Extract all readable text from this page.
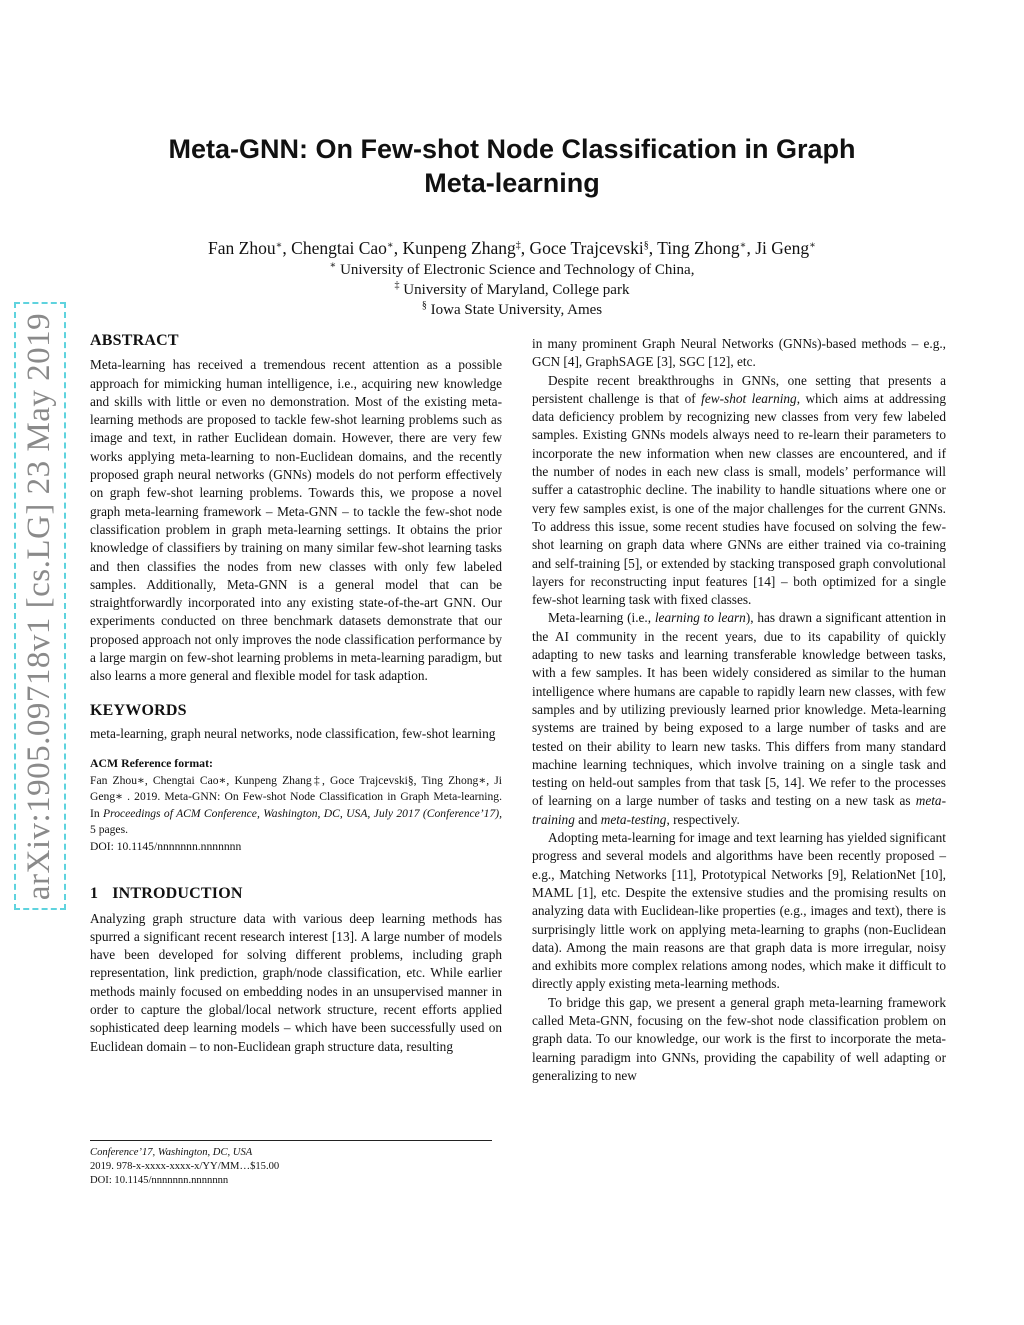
arXiv:1905.09718v1 [cs.LG] 23 May 2019
Meta-GNN: On Few-shot Node Classification in Graph
Meta-learning
Fan Zhou∗, Chengtai Cao∗, Kunpeng Zhang‡, Goce Trajcevski§, Ting Zhong∗, Ji Geng∗
∗ University of Electronic Science and Technology of China,
‡ University of Maryland, College park
§ Iowa State University, Ames
ABSTRACT

Meta-learning has received a tremendous recent attention as a possible approach for mimicking human intelligence, i.e., acquiring new knowledge and skills with little or even no demonstration. Most of the existing meta-learning methods are proposed to tackle few-shot learning problems such as image and text, in rather Euclidean domain. However, there are very few works applying meta-learning to non-Euclidean domains, and the recently proposed graph neural networks (GNNs) models do not perform effectively on graph few-shot learning problems. Towards this, we propose a novel graph meta-learning framework – Meta-GNN – to tackle the few-shot node classification problem in graph meta-learning settings. It obtains the prior knowledge of classifiers by training on many similar few-shot learning tasks and then classifies the nodes from new classes with only few labeled samples. Additionally, Meta-GNN is a general model that can be straightforwardly incorporated into any existing state-of-the-art GNN. Our experiments conducted on three benchmark datasets demonstrate that our proposed approach not only improves the node classification performance by a large margin on few-shot learning problems in meta-learning paradigm, but also learns a more general and flexible model for task adaption.

KEYWORDS

meta-learning, graph neural networks, node classification, few-shot learning

ACM Reference format:

Fan Zhou∗, Chengtai Cao∗, Kunpeng Zhang‡, Goce Trajcevski§, Ting Zhong∗, Ji Geng∗ . 2019. Meta-GNN: On Few-shot Node Classification in Graph Meta-learning. In Proceedings of ACM Conference, Washington, DC, USA, July 2017 (Conference’17), 5 pages.

DOI: 10.1145/nnnnnnn.nnnnnnn
1 INTRODUCTION

Analyzing graph structure data with various deep learning methods has spurred a significant recent research interest [13]. A large number of models have been developed for solving different problems, including graph representation, link prediction, graph/node classification, etc. While earlier methods mainly focused on embedding nodes in an unsupervised manner in order to capture the global/local network structure, recent efforts applied sophisticated deep learning models – which have been successfully used on Euclidean domain – to non-Euclidean graph structure data, resulting

Conference’17, Washington, DC, USA
2019. 978-x-xxxx-xxxx-x/YY/MM…$15.00
DOI: 10.1145/nnnnnnn.nnnnnnn

in many prominent Graph Neural Networks (GNNs)-based methods – e.g., GCN [4], GraphSAGE [3], SGC [12], etc.

Despite recent breakthroughs in GNNs, one setting that presents a persistent challenge is that of few-shot learning, which aims at addressing data deficiency problem by recognizing new classes from very few labeled samples. Existing GNNs models always need to re-learn their parameters to incorporate the new information when new classes are encountered, and if the number of nodes in each new class is small, models’ performance will suffer a catastrophic decline. The inability to handle situations where one or very few samples exist, is one of the major challenges for the current GNNs. To address this issue, some recent studies have focused on solving the few-shot learning on graph data where GNNs are either trained via co-training and self-training [5], or extended by stacking transposed graph convolutional layers for reconstructing input features [14] – both optimized for a single few-shot learning task with fixed classes.

Meta-learning (i.e., learning to learn), has drawn a significant attention in the AI community in the recent years, due to its capability of quickly adapting to new tasks and learning transferable knowledge between tasks, with a few samples. It has been widely considered as similar to the human intelligence where humans are capable to rapidly learn new classes, with few samples and by utilizing previously learned prior knowledge. Meta-learning systems are trained by being exposed to a large number of tasks and are tested on their ability to learn new tasks. This differs from many standard machine learning techniques, which involve training on a single task and testing on held-out samples from that task [5, 14]. We refer to the processes of learning on a large number of tasks and testing on a new task as meta-training and meta-testing, respectively.

Adopting meta-learning for image and text learning has yielded significant progress and several models and algorithms have been recently proposed – e.g., Matching Networks [11], Prototypical Networks [9], RelationNet [10], MAML [1], etc. Despite the extensive studies and the promising results on analyzing data with Euclidean-like properties (e.g., images and text), there is surprisingly little work on applying meta-learning to graphs (non-Euclidean data). Among the main reasons are that graph data is more irregular, noisy and exhibits more complex relations among nodes, which make it difficult to directly apply existing meta-learning methods.

To bridge this gap, we present a general graph meta-learning framework called Meta-GNN, focusing on the few-shot node classification problem on graph data. To our knowledge, our work is the first to incorporate the meta-learning paradigm into GNNs, providing the capability of well adapting or generalizing to new
